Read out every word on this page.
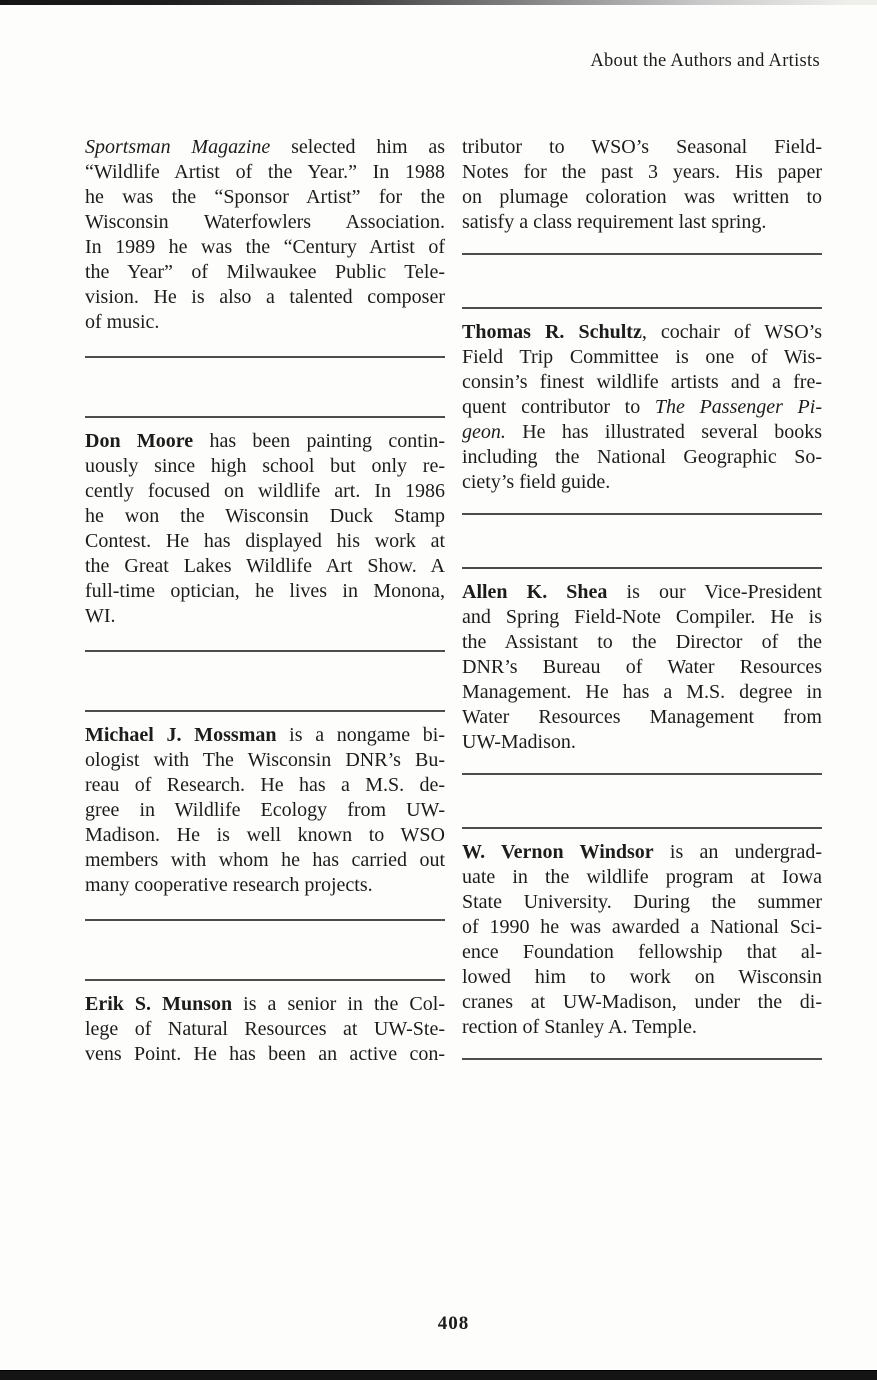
About the Authors and Artists
Sportsman Magazine selected him as
“Wildlife Artist of the Year.” In 1988
he was the “Sponsor Artist” for the
Wisconsin Waterfowlers Association.
In 1989 he was the “Century Artist of
the Year” of Milwaukee Public Tele-
vision. He is also a talented composer
of music.
Don Moore has been painting contin-
uously since high school but only re-
cently focused on wildlife art. In 1986
he won the Wisconsin Duck Stamp
Contest. He has displayed his work at
the Great Lakes Wildlife Art Show. A
full-time optician, he lives in Monona,
WI.
Michael J. Mossman is a nongame bi-
ologist with The Wisconsin DNR’s Bu-
reau of Research. He has a M.S. de-
gree in Wildlife Ecology from UW-
Madison. He is well known to WSO
members with whom he has carried out
many cooperative research projects.
Erik S. Munson is a senior in the Col-
lege of Natural Resources at UW-Ste-
vens Point. He has been an active con-
tributor to WSO’s Seasonal Field-
Notes for the past 3 years. His paper
on plumage coloration was written to
satisfy a class requirement last spring.
Thomas R. Schultz, cochair of WSO’s
Field Trip Committee is one of Wis-
consin’s finest wildlife artists and a fre-
quent contributor to The Passenger Pi-
geon. He has illustrated several books
including the National Geographic So-
ciety’s field guide.
Allen K. Shea is our Vice-President
and Spring Field-Note Compiler. He is
the Assistant to the Director of the
DNR’s Bureau of Water Resources
Management. He has a M.S. degree in
Water Resources Management from
UW-Madison.
W. Vernon Windsor is an undergrad-
uate in the wildlife program at Iowa
State University. During the summer
of 1990 he was awarded a National Sci-
ence Foundation fellowship that al-
lowed him to work on Wisconsin
cranes at UW-Madison, under the di-
rection of Stanley A. Temple.
408
